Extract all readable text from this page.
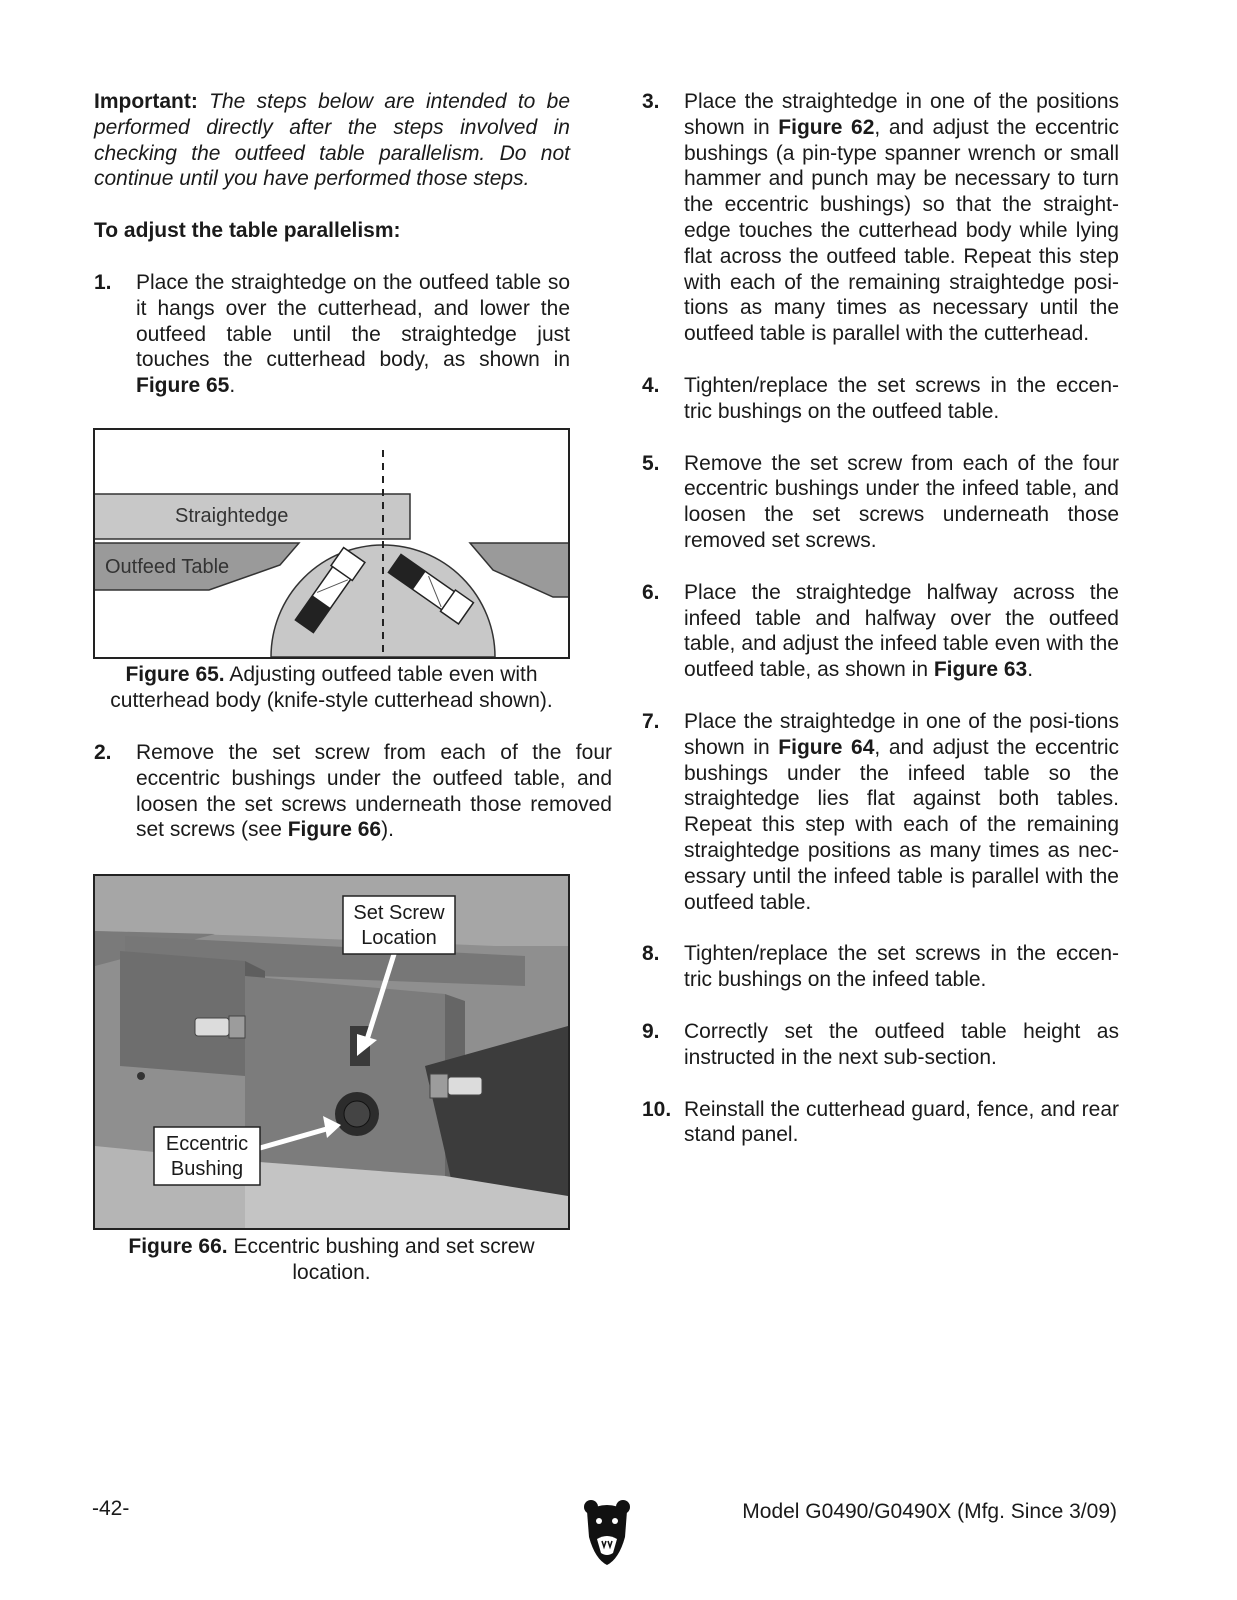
Important: The steps below are intended to be performed directly after the steps involved in checking the outfeed table parallelism. Do not continue until you have performed those steps.

To adjust the table parallelism:

1. Place the straightedge on the outfeed table so it hangs over the cutterhead, and lower the outfeed table until the straightedge just touches the cutterhead body, as shown in Figure 65.
Straightedge
Outfeed Table
Figure 65. Adjusting outfeed table even with cutterhead body (knife-style cutterhead shown).
2. Remove the set screw from each of the four eccentric bushings under the outfeed table, and loosen the set screws underneath those removed set screws (see Figure 66).
Set Screw
Location
Eccentric
Bushing
Figure 66. Eccentric bushing and set screw location.
3. Place the straightedge in one of the positions shown in Figure 62, and adjust the eccentric bushings (a pin-type spanner wrench or small hammer and punch may be necessary to turn the eccentric bushings) so that the straight-edge touches the cutterhead body while lying flat across the outfeed table. Repeat this step with each of the remaining straightedge posi-tions as many times as necessary until the outfeed table is parallel with the cutterhead.
4. Tighten/replace the set screws in the eccen-tric bushings on the outfeed table.
5. Remove the set screw from each of the four eccentric bushings under the infeed table, and loosen the set screws underneath those removed set screws.
6. Place the straightedge halfway across the infeed table and halfway over the outfeed table, and adjust the infeed table even with the outfeed table, as shown in Figure 63.
7. Place the straightedge in one of the posi-tions shown in Figure 64, and adjust the eccentric bushings under the infeed table so the straightedge lies flat against both tables. Repeat this step with each of the remaining straightedge positions as many times as nec-essary until the infeed table is parallel with the outfeed table.
8. Tighten/replace the set screws in the eccen-tric bushings on the infeed table.
9. Correctly set the outfeed table height as instructed in the next sub-section.
10. Reinstall the cutterhead guard, fence, and rear stand panel.
-42-	Model G0490/G0490X (Mfg. Since 3/09)
